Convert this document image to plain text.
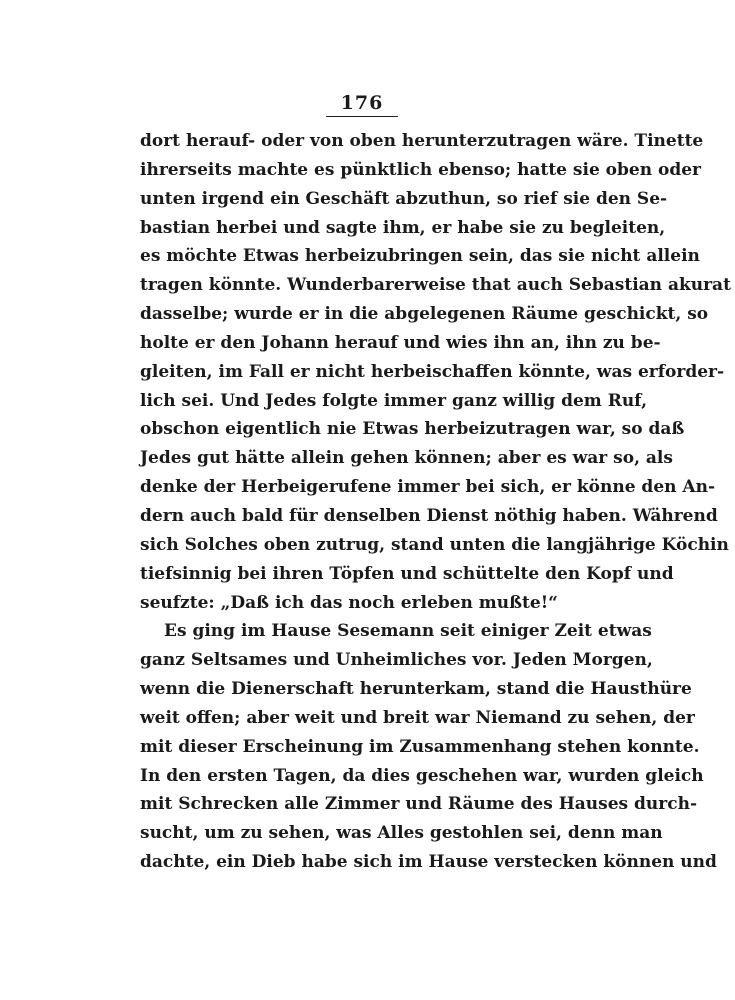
176
dort herauf- oder von oben herunterzutragen wäre. Tinette
ihrerseits machte es pünktlich ebenso; hatte sie oben oder
unten irgend ein Geschäft abzuthun, so rief sie den Se-
bastian herbei und sagte ihm, er habe sie zu begleiten,
es möchte Etwas herbeizubringen sein, das sie nicht allein
tragen könnte. Wunderbarerweise that auch Sebastian akurat
dasselbe; wurde er in die abgelegenen Räume geschickt, so
holte er den Johann herauf und wies ihn an, ihn zu be-
gleiten, im Fall er nicht herbeischaffen könnte, was erforder-
lich sei. Und Jedes folgte immer ganz willig dem Ruf,
obschon eigentlich nie Etwas herbeizutragen war, so daß
Jedes gut hätte allein gehen können; aber es war so, als
denke der Herbeigerufene immer bei sich, er könne den An-
dern auch bald für denselben Dienst nöthig haben. Während
sich Solches oben zutrug, stand unten die langjährige Köchin
tiefsinnig bei ihren Töpfen und schüttelte den Kopf und
seufzte: „Daß ich das noch erleben mußte!“
Es ging im Hause Sesemann seit einiger Zeit etwas
ganz Seltsames und Unheimliches vor. Jeden Morgen,
wenn die Dienerschaft herunterkam, stand die Hausthüre
weit offen; aber weit und breit war Niemand zu sehen, der
mit dieser Erscheinung im Zusammenhang stehen konnte.
In den ersten Tagen, da dies geschehen war, wurden gleich
mit Schrecken alle Zimmer und Räume des Hauses durch-
sucht, um zu sehen, was Alles gestohlen sei, denn man
dachte, ein Dieb habe sich im Hause verstecken können und
